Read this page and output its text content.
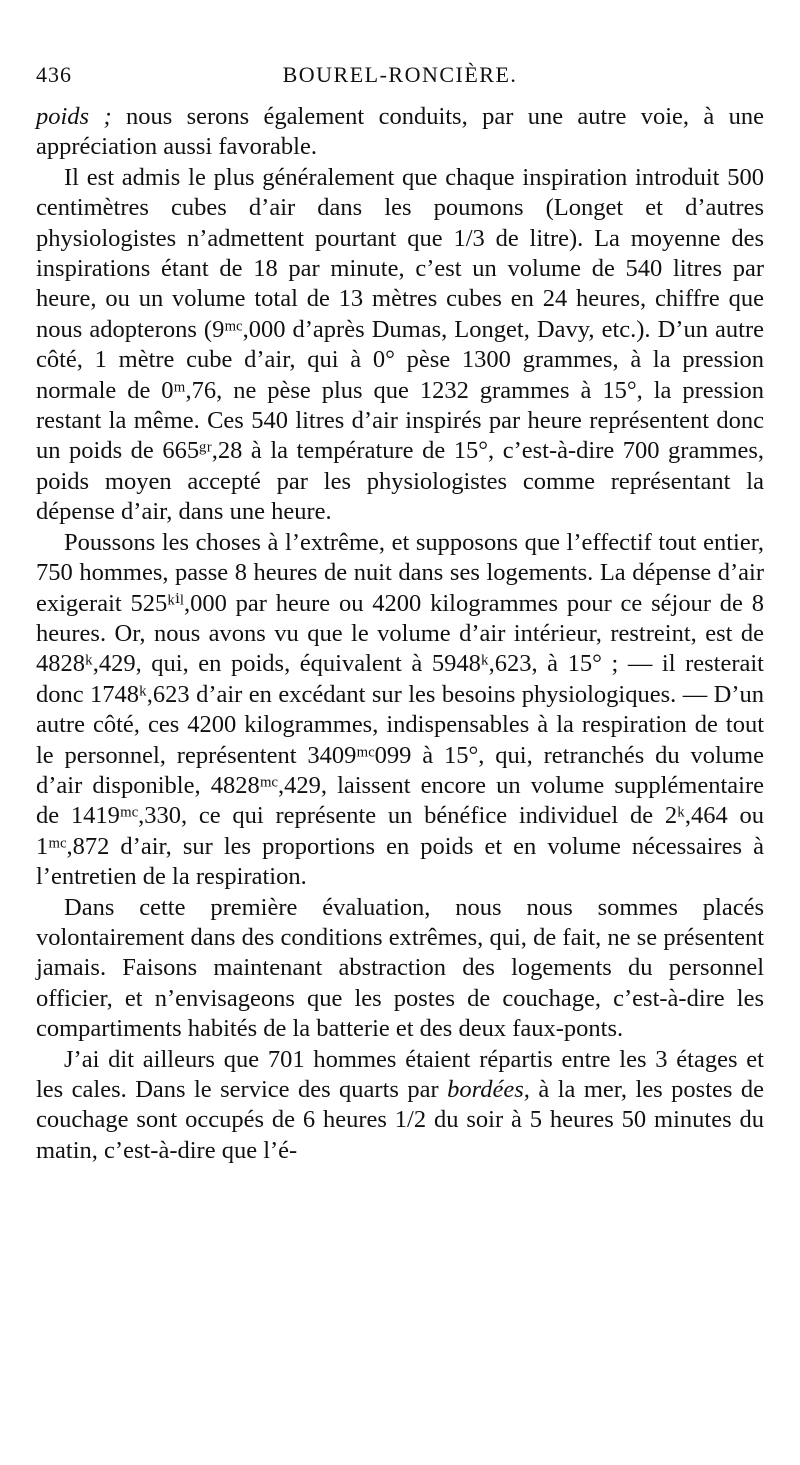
436	BOUREL-RONCIÈRE.

poids ; nous serons également conduits, par une autre voie, à une appréciation aussi favorable.

Il est admis le plus généralement que chaque inspiration introduit 500 centimètres cubes d’air dans les poumons (Longet et d’autres physiologistes n’admettent pourtant que 1/3 de litre). La moyenne des inspirations étant de 18 par minute, c’est un volume de 540 litres par heure, ou un volume total de 13 mètres cubes en 24 heures, chiffre que nous adopterons (9ᵐᶜ,000 d’après Dumas, Longet, Davy, etc.). D’un autre côté, 1 mètre cube d’air, qui à 0° pèse 1300 grammes, à la pression normale de 0ᵐ,76, ne pèse plus que 1232 grammes à 15°, la pression restant la même. Ces 540 litres d’air inspirés par heure représentent donc un poids de 665ᵍʳ,28 à la température de 15°, c’est-à-dire 700 grammes, poids moyen accepté par les physiologistes comme représentant la dépense d’air, dans une heure.

Poussons les choses à l’extrême, et supposons que l’effectif tout entier, 750 hommes, passe 8 heures de nuit dans ses logements. La dépense d’air exigerait 525ᵏⁱˡ,000 par heure ou 4200 kilogrammes pour ce séjour de 8 heures. Or, nous avons vu que le volume d’air intérieur, restreint, est de 4828ᵏ,429, qui, en poids, équivalent à 5948ᵏ,623, à 15° ; — il resterait donc 1748ᵏ,623 d’air en excédant sur les besoins physiologiques. — D’un autre côté, ces 4200 kilogrammes, indispensables à la respiration de tout le personnel, représentent 3409ᵐᶜ099 à 15°, qui, retranchés du volume d’air disponible, 4828ᵐᶜ,429, laissent encore un volume supplémentaire de 1419ᵐᶜ,330, ce qui représente un bénéfice individuel de 2ᵏ,464 ou 1ᵐᶜ,872 d’air, sur les proportions en poids et en volume nécessaires à l’entretien de la respiration.

Dans cette première évaluation, nous nous sommes placés volontairement dans des conditions extrêmes, qui, de fait, ne se présentent jamais. Faisons maintenant abstraction des logements du personnel officier, et n’envisageons que les postes de couchage, c’est-à-dire les compartiments habités de la batterie et des deux faux-ponts.

J’ai dit ailleurs que 701 hommes étaient répartis entre les 3 étages et les cales. Dans le service des quarts par bordées, à la mer, les postes de couchage sont occupés de 6 heures 1/2 du soir à 5 heures 50 minutes du matin, c’est-à-dire que l’é-
